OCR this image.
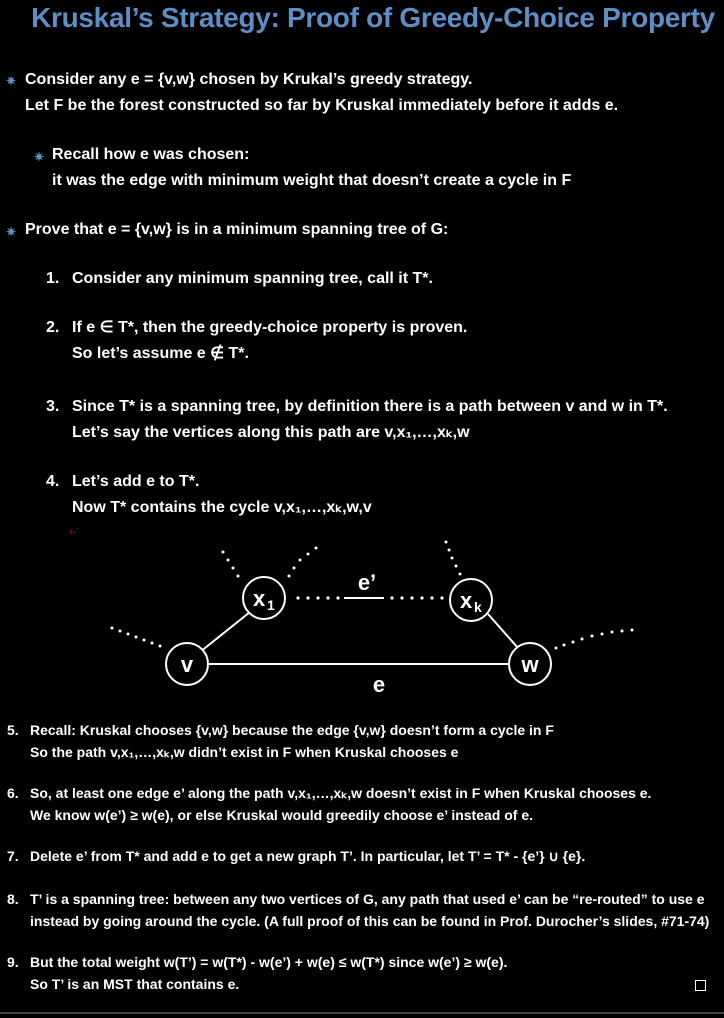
Kruskal’s Strategy: Proof of Greedy-Choice Property
✷ Consider any e = {v,w} chosen by Krukal’s greedy strategy.
Let F be the forest constructed so far by Kruskal immediately before it adds e.
✷ Recall how e was chosen:
it was the edge with minimum weight that doesn’t create a cycle in F
✷ Prove that e = {v,w} is in a minimum spanning tree of G:
1. Consider any minimum spanning tree, call it T*.
2. If e ∈ T*, then the greedy-choice property is proven.
So let’s assume e ∉ T*.
3. Since T* is a spanning tree, by definition there is a path between v and w in T*.
Let’s say the vertices along this path are v,x₁,…,xₖ,w
4. Let’s add e to T*.
Now T* contains the cycle v,x₁,…,xₖ,w,v
ʳ·˙
v
x 1	x k
w
e’
e
5. Recall: Kruskal chooses {v,w} because the edge {v,w} doesn’t form a cycle in F
So the path v,x₁,…,xₖ,w didn’t exist in F when Kruskal chooses e
6. So, at least one edge e’ along the path v,x₁,…,xₖ,w doesn’t exist in F when Kruskal chooses e.
We know w(e’) ≥ w(e), or else Kruskal would greedily choose e’ instead of e.
7. Delete e’ from T* and add e to get a new graph T’. In particular, let T’ = T* - {e’} ∪ {e}.
8. T’ is a spanning tree: between any two vertices of G, any path that used e’ can be “re-routed” to use e
instead by going around the cycle. (A full proof of this can be found in Prof. Durocher’s slides, #71-74)
9. But the total weight w(T’) = w(T*) - w(e’) + w(e) ≤ w(T*) since w(e’) ≥ w(e).
So T’ is an MST that contains e.
